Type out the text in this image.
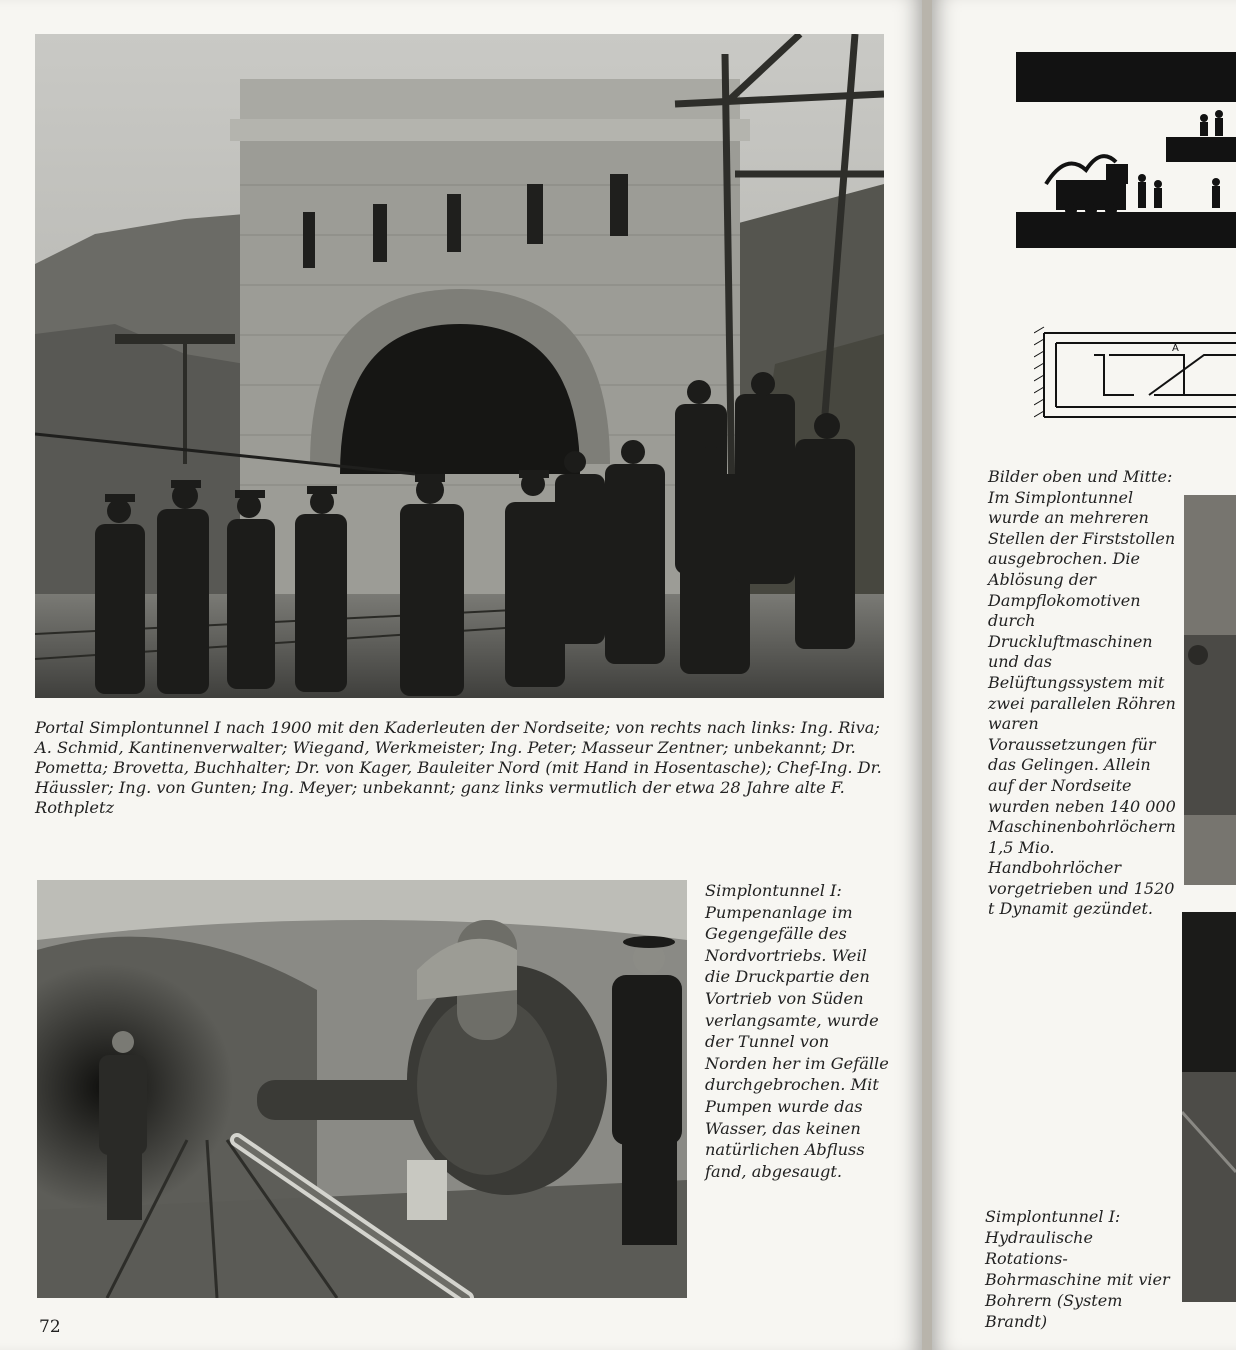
Portal Simplontunnel I nach 1900 mit den Kaderleuten der Nordseite; von rechts nach links: Ing. Riva; A. Schmid, Kantinenverwalter; Wiegand, Werkmeister; Ing. Peter; Masseur Zentner; unbekannt; Dr. Pometta; Brovetta, Buchhalter; Dr. von Kager, Bauleiter Nord (mit Hand in Hosentasche); Chef-Ing. Dr. Häussler; Ing. von Gunten; Ing. Meyer; unbekannt; ganz links vermutlich der etwa 28 Jahre alte F. Rothpletz
Simplontunnel I: Pumpenanlage im Gegengefälle des Nordvortriebs. Weil die Druckpartie den Vortrieb von Süden verlangsamte, wurde der Tunnel von Norden her im Gefälle durchgebrochen. Mit Pumpen wurde das Wasser, das keinen natürlichen Abfluss fand, abgesaugt.
72
A
Bilder oben und Mitte: Im Simplontunnel wurde an mehreren Stellen der Firststollen ausgebrochen. Die Ablösung der Dampflokomotiven durch Druckluftmaschinen und das Belüftungssystem mit zwei parallelen Röhren waren Voraussetzungen für das Gelingen. Allein auf der Nordseite wurden neben 140 000 Maschinenbohrlöchern 1,5 Mio. Handbohrlöcher vorgetrieben und 1520 t Dynamit gezündet.
Simplontunnel I: Hydraulische Rotations-Bohrmaschine mit vier Bohrern (System Brandt)
